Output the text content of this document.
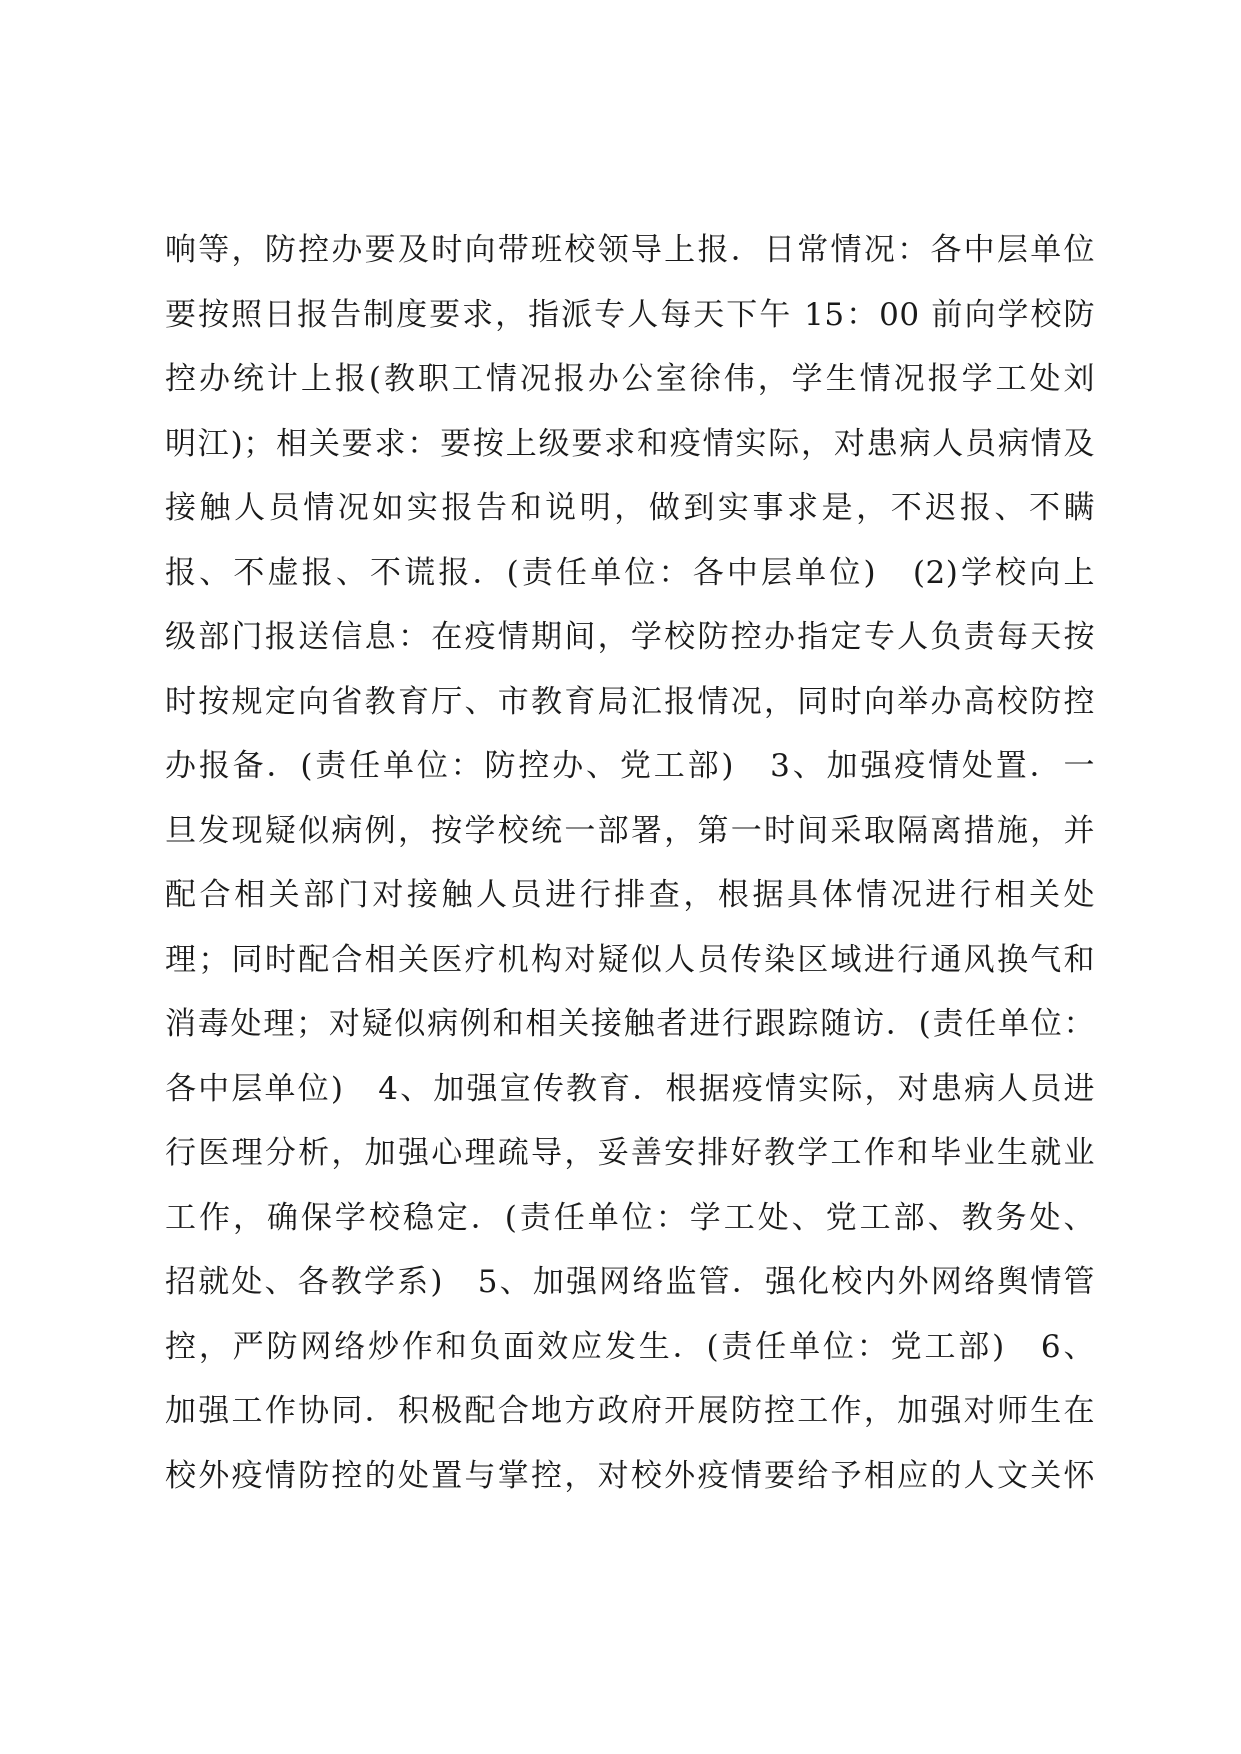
响等，防控办要及时向带班校领导上报．日常情况：各中层单位
要按照日报告制度要求，指派专人每天下午 15：00 前向学校防
控办统计上报(教职工情况报办公室徐伟，学生情况报学工处刘
明江)；相关要求：要按上级要求和疫情实际，对患病人员病情及
接触人员情况如实报告和说明，做到实事求是，不迟报、不瞒
报、不虚报、不谎报．(责任单位：各中层单位)　(2)学校向上
级部门报送信息：在疫情期间，学校防控办指定专人负责每天按
时按规定向省教育厅、市教育局汇报情况，同时向举办高校防控
办报备．(责任单位：防控办、党工部)　3、加强疫情处置．一
旦发现疑似病例，按学校统一部署，第一时间采取隔离措施，并
配合相关部门对接触人员进行排查，根据具体情况进行相关处
理；同时配合相关医疗机构对疑似人员传染区域进行通风换气和
消毒处理；对疑似病例和相关接触者进行跟踪随访．(责任单位：
各中层单位)　4、加强宣传教育．根据疫情实际，对患病人员进
行医理分析，加强心理疏导，妥善安排好教学工作和毕业生就业
工作，确保学校稳定．(责任单位：学工处、党工部、教务处、
招就处、各教学系)　5、加强网络监管．强化校内外网络舆情管
控，严防网络炒作和负面效应发生．(责任单位：党工部)　6、
加强工作协同．积极配合地方政府开展防控工作，加强对师生在
校外疫情防控的处置与掌控，对校外疫情要给予相应的人文关怀
